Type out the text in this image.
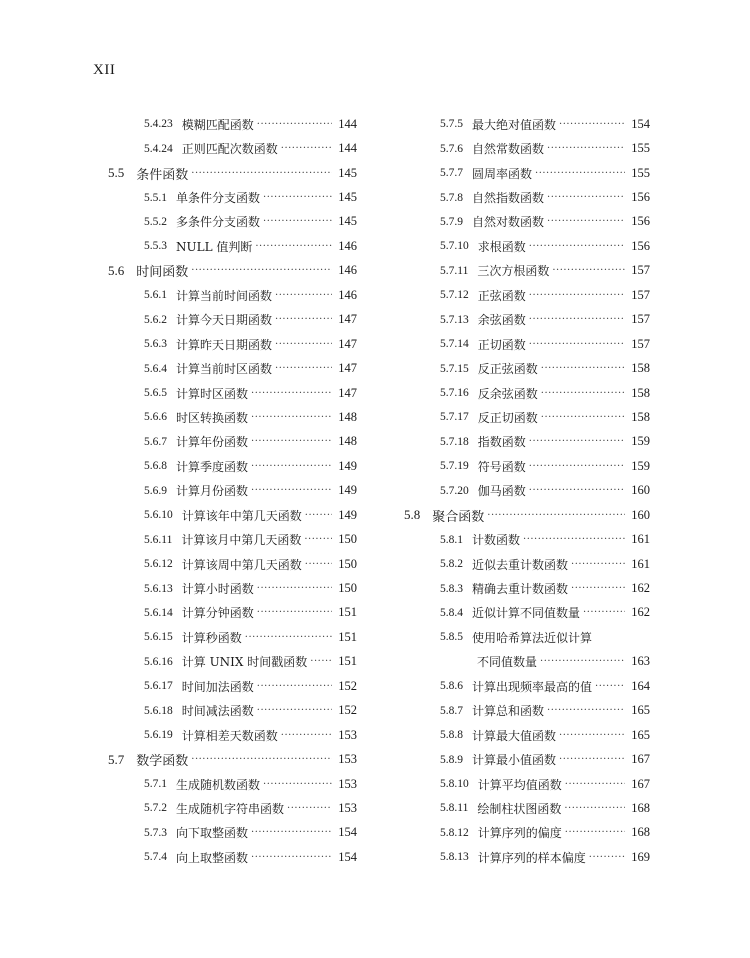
XII
5.4.23 模糊匹配函数 ·····	144
5.4.24 正则匹配次数函数 ·····	144
5.5 条件函数 ·····	145
5.5.1 单条件分支函数 ·····	145
5.5.2 多条件分支函数 ·····	145
5.5.3 NULL 值判断 ·····	146
5.6 时间函数 ·····	146
5.6.1 计算当前时间函数 ·····	146
5.6.2 计算今天日期函数 ·····	147
5.6.3 计算昨天日期函数 ·····	147
5.6.4 计算当前时区函数 ·····	147
5.6.5 计算时区函数 ·····	147
5.6.6 时区转换函数 ·····	148
5.6.7 计算年份函数 ·····	148
5.6.8 计算季度函数 ·····	149
5.6.9 计算月份函数 ·····	149
5.6.10 计算该年中第几天函数 ·····	149
5.6.11 计算该月中第几天函数 ·····	150
5.6.12 计算该周中第几天函数 ·····	150
5.6.13 计算小时函数 ·····	150
5.6.14 计算分钟函数 ·····	151
5.6.15 计算秒函数 ·····	151
5.6.16 计算 UNIX 时间戳函数 ····· 151
5.6.17 时间加法函数 ·····	152
5.6.18 时间减法函数 ·····	152
5.6.19 计算相差天数函数 ·····	153
5.7 数学函数 ·····	153
5.7.1 生成随机数函数 ·····	153
5.7.2 生成随机字符串函数 ·····	153
5.7.3 向下取整函数 ·····	154
5.7.4 向上取整函数 ·····	154
5.7.5 最大绝对值函数 ·····	154
5.7.6 自然常数函数 ·····	155
5.7.7 圆周率函数 ·····	155
5.7.8 自然指数函数 ·····	156
5.7.9 自然对数函数 ·····	156
5.7.10 求根函数 ·····	156
5.7.11 三次方根函数 ·····	157
5.7.12 正弦函数 ·····	157
5.7.13 余弦函数 ·····	157
5.7.14 正切函数 ·····	157
5.7.15 反正弦函数 ·····	158
5.7.16 反余弦函数 ·····	158
5.7.17 反正切函数 ·····	158
5.7.18 指数函数 ·····	159
5.7.19 符号函数 ·····	159
5.7.20 伽马函数 ·····	160
5.8 聚合函数 ·····	160
5.8.1 计数函数 ·····	161
5.8.2 近似去重计数函数 ·····	161
5.8.3 精确去重计数函数 ·····	162
5.8.4 近似计算不同值数量 ·····	162
5.8.5 使用哈希算法近似计算
不同值数量 ·····	163
5.8.6 计算出现频率最高的值 ·····	164
5.8.7 计算总和函数 ·····	165
5.8.8 计算最大值函数 ·····	165
5.8.9 计算最小值函数 ·····	167
5.8.10 计算平均值函数 ·····	167
5.8.11 绘制柱状图函数 ·····	168
5.8.12 计算序列的偏度 ·····	168
5.8.13 计算序列的样本偏度 ·····	169
